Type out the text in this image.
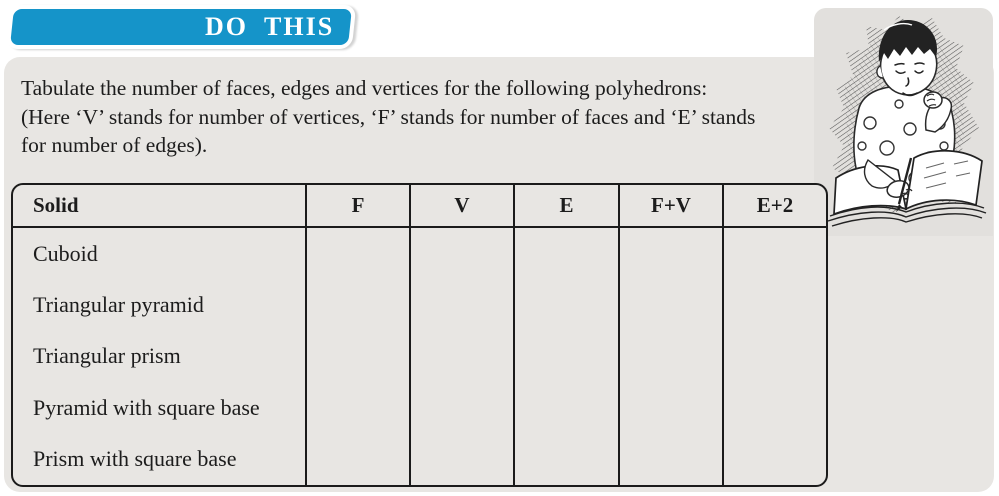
DO THIS
Tabulate the number of faces, edges and vertices for the following polyhedrons:
(Here ‘V’ stands for number of vertices, ‘F’ stands for number of faces and ‘E’ stands
for number of edges).
Solid	F	V	E	F+V	E+2
Cuboid
Triangular pyramid
Triangular prism
Pyramid with square base
Prism with square base
